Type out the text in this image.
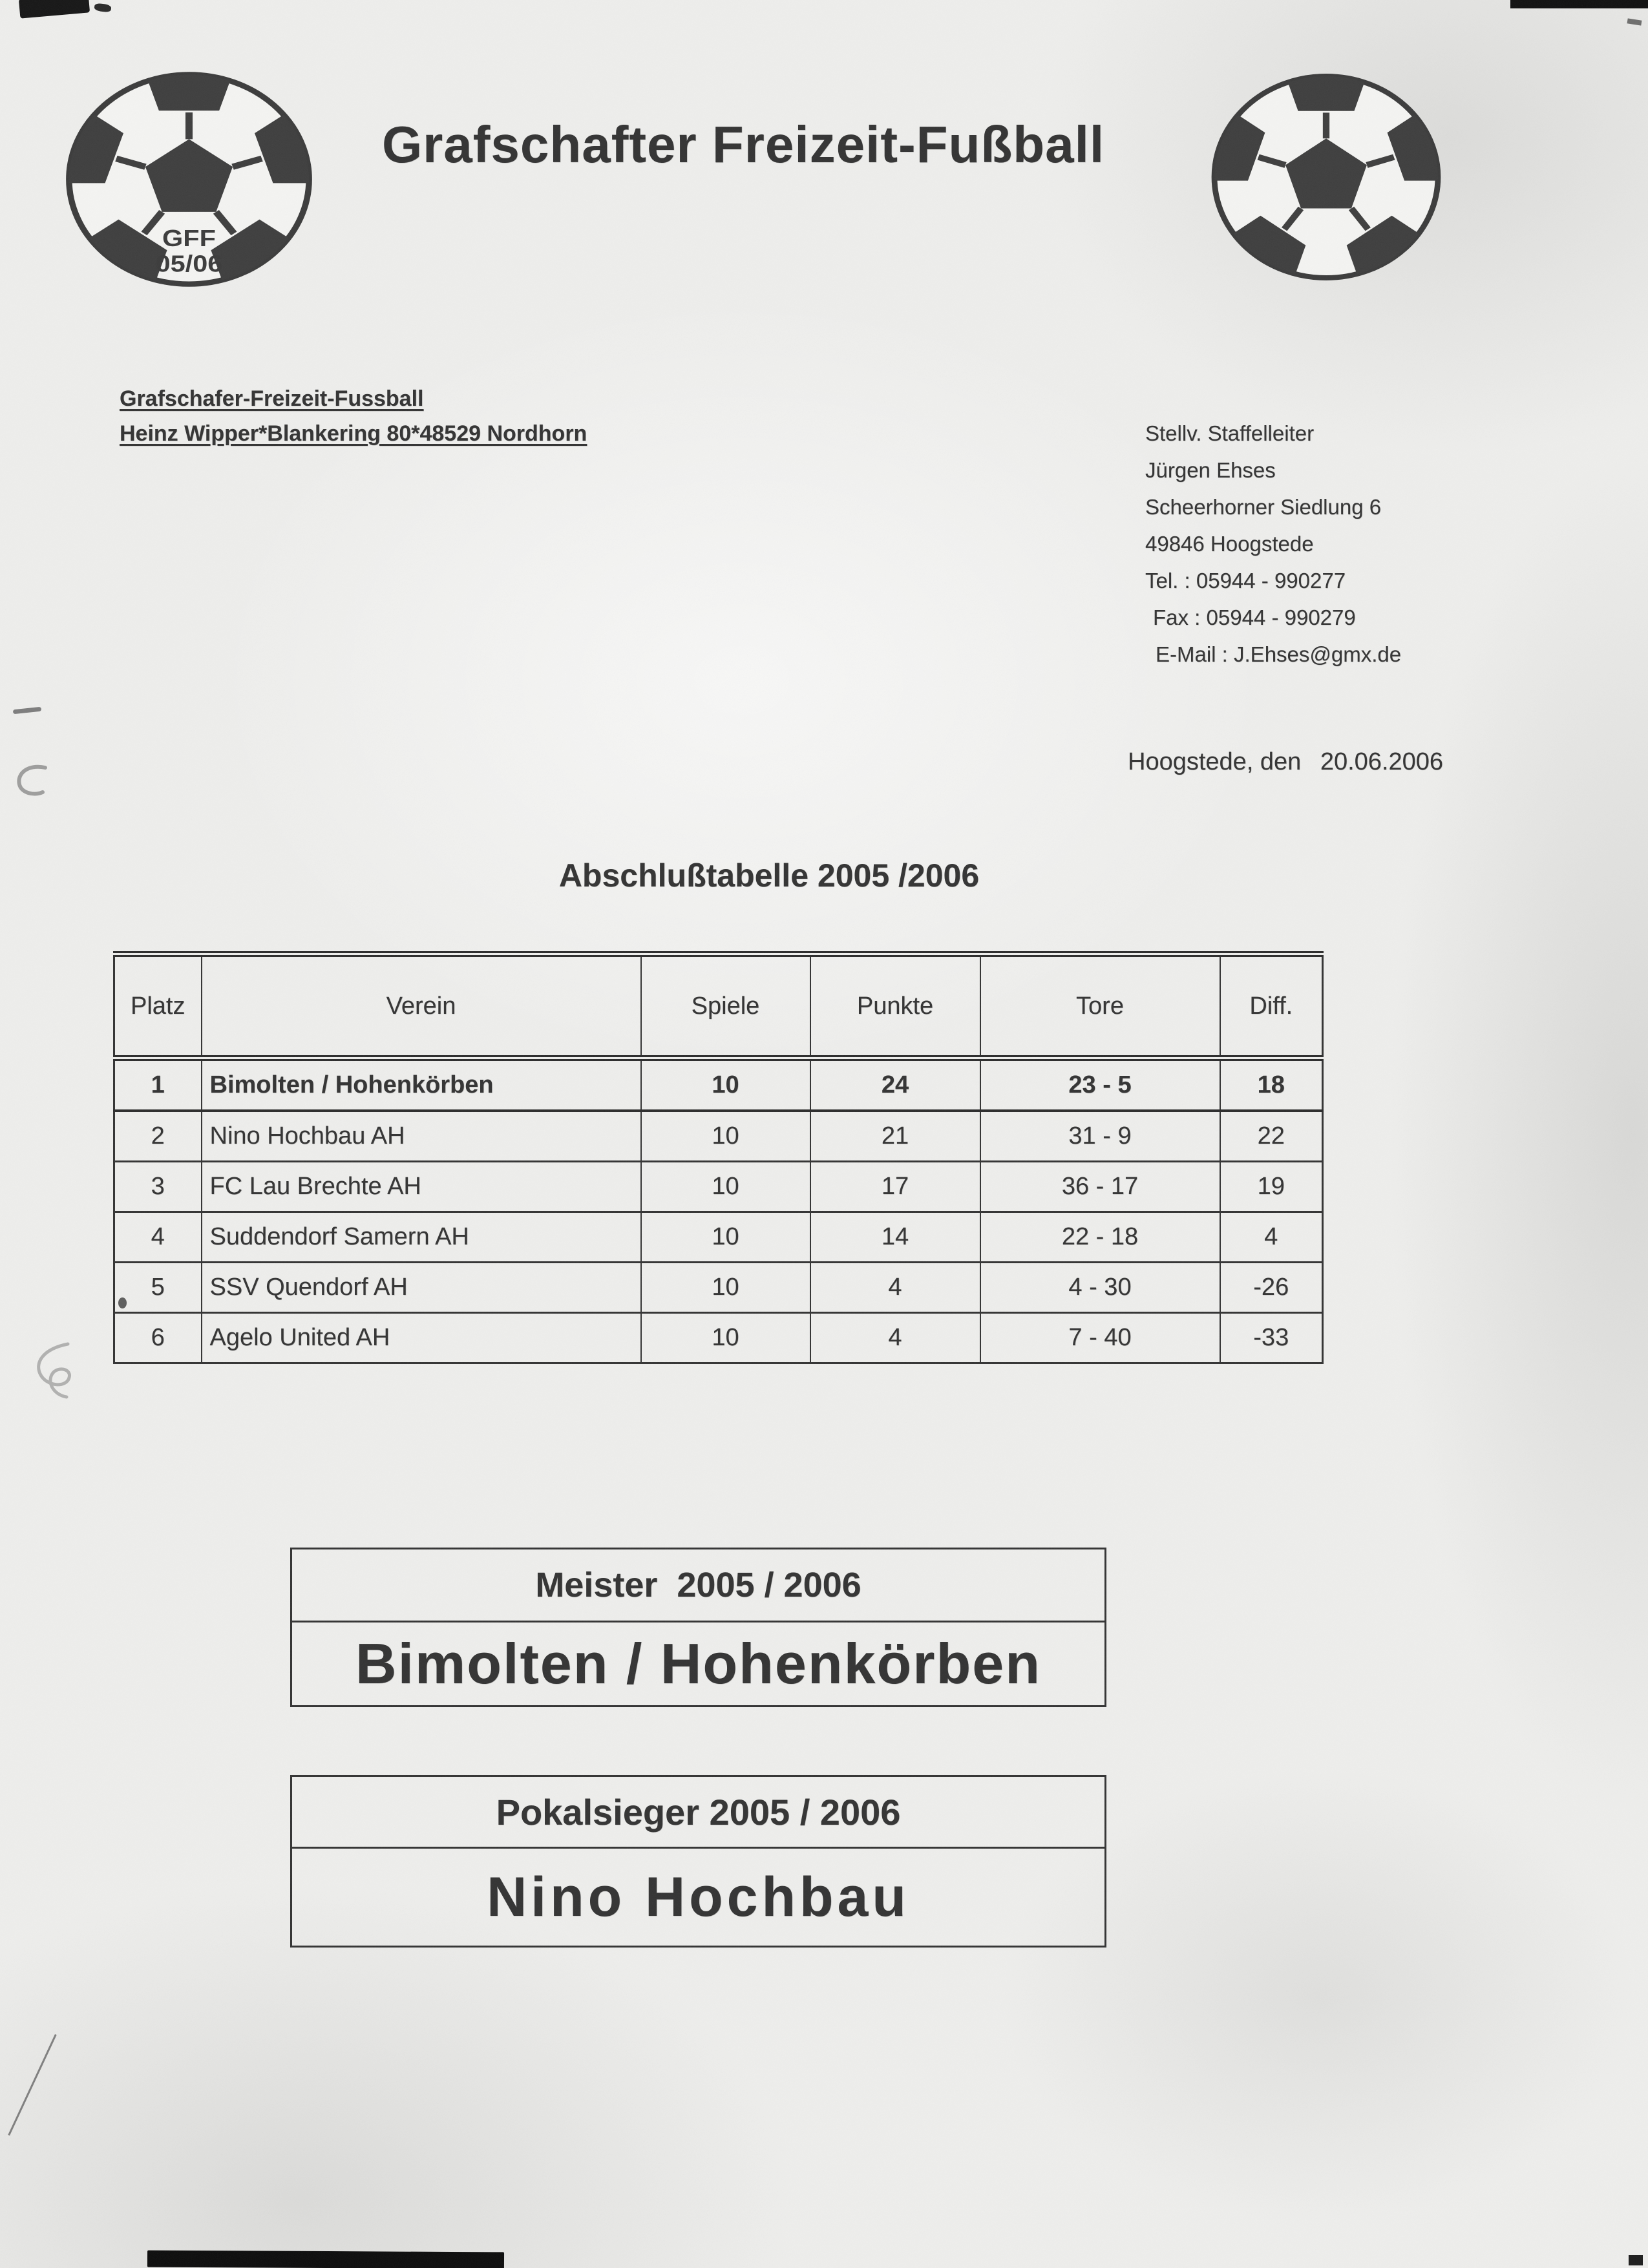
GFF
05/06
Grafschafter Freizeit-Fußball
Grafschafer-Freizeit-Fussball
Heinz Wipper*Blankering 80*48529 Nordhorn	Stellv. Staffelleiter
Jürgen Ehses
Scheerhorner Siedlung 6
49846 Hoogstede
Tel. : 05944 - 990277
Fax : 05944 - 990279
E-Mail : J.Ehses@gmx.de
Hoogstede, den 20.06.2006
Abschlußtabelle 2005 /2006
Platz	Verein	Spiele	Punkte	Tore	Diff.
1	Bimolten / Hohenkörben	10	24	23 - 5	18
2	Nino Hochbau AH	10	21	31 - 9	22
3	FC Lau Brechte AH	10	17	36 - 17	19
4	Suddendorf Samern AH	10	14	22 - 18	4
5	SSV Quendorf AH	10	4	4 - 30	-26
6	Agelo United AH	10	4	7 - 40	-33
Meister  2005 / 2006
Bimolten / Hohenkörben
Pokalsieger 2005 / 2006
Nino Hochbau
